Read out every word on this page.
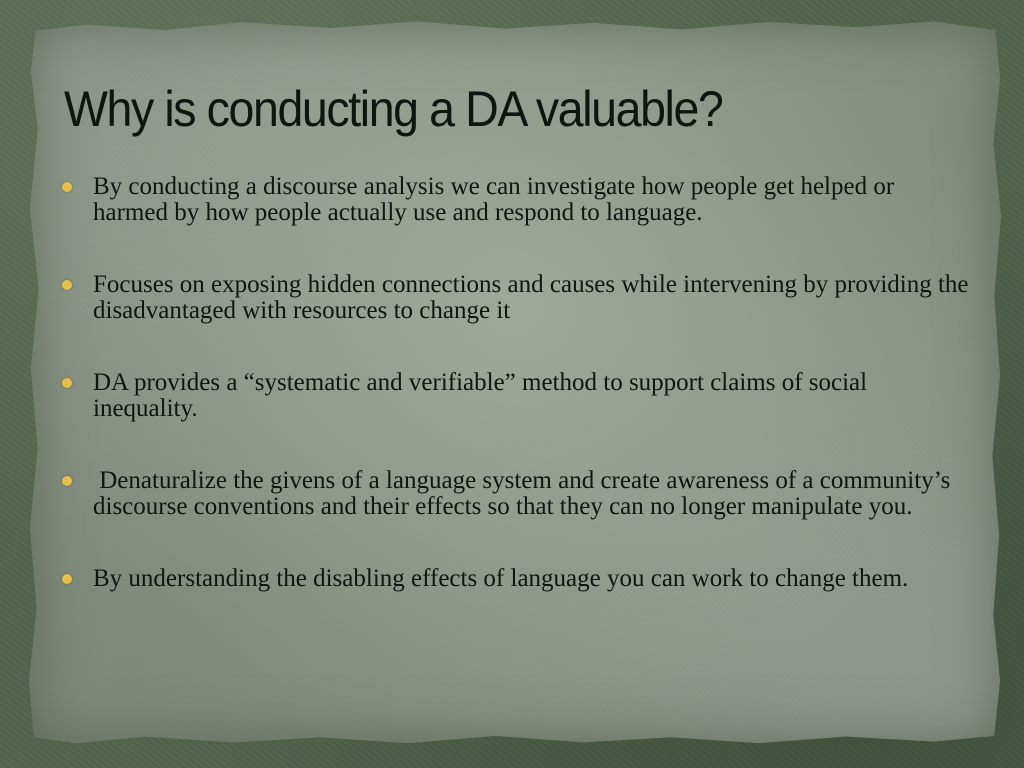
Why is conducting a DA valuable?
By conducting a discourse analysis we can investigate how people get helped or harmed by how people actually use and respond to language.
Focuses on exposing hidden connections and causes while intervening by providing the disadvantaged with resources to change it
DA provides a “systematic and verifiable” method to support claims of social inequality.
Denaturalize the givens of a language system and create awareness of a community’s discourse conventions and their effects so that they can no longer manipulate you.
By understanding the disabling effects of language you can work to change them.
